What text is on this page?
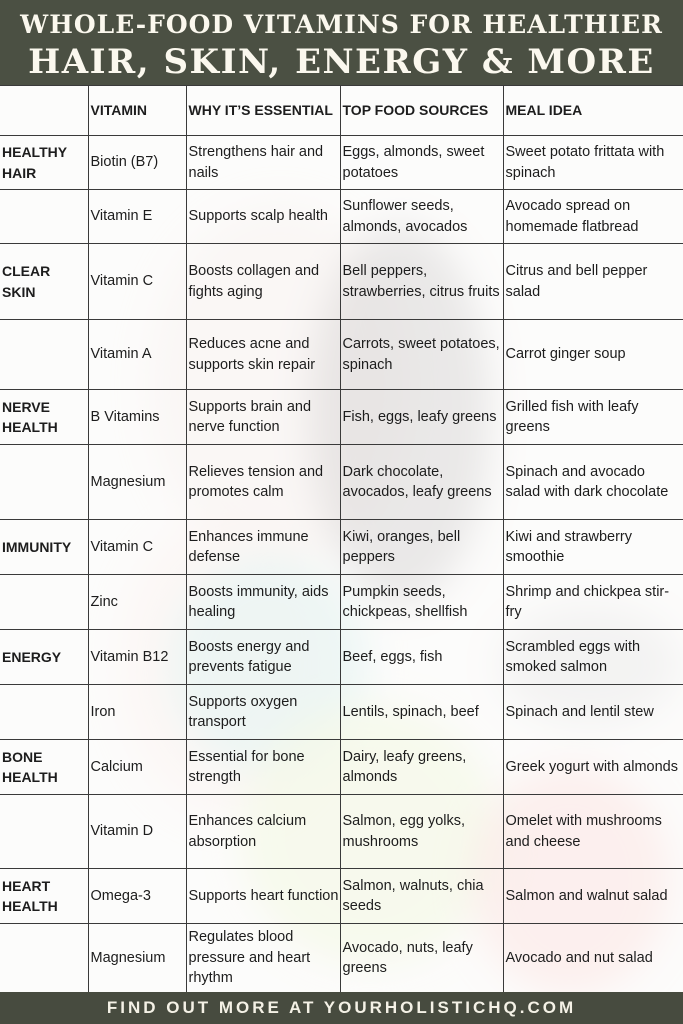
WHOLE-FOOD VITAMINS FOR HEALTHIER
HAIR, SKIN, ENERGY & MORE
	VITAMIN	WHY IT’S ESSENTIAL	TOP FOOD SOURCES	MEAL IDEA
HEALTHY HAIR	Biotin (B7)	Strengthens hair and nails	Eggs, almonds, sweet potatoes	Sweet potato frittata with spinach
	Vitamin E	Supports scalp health	Sunflower seeds, almonds, avocados	Avocado spread on homemade flatbread
CLEAR SKIN	Vitamin C	Boosts collagen and fights aging	Bell peppers, strawberries, citrus fruits	Citrus and bell pepper salad
	Vitamin A	Reduces acne and supports skin repair	Carrots, sweet potatoes, spinach	Carrot ginger soup
NERVE HEALTH	B Vitamins	Supports brain and nerve function	Fish, eggs, leafy greens	Grilled fish with leafy greens
	Magnesium	Relieves tension and promotes calm	Dark chocolate, avocados, leafy greens	Spinach and avocado salad with dark chocolate
IMMUNITY	Vitamin C	Enhances immune defense	Kiwi, oranges, bell peppers	Kiwi and strawberry smoothie
	Zinc	Boosts immunity, aids healing	Pumpkin seeds, chickpeas, shellfish	Shrimp and chickpea stir-fry
ENERGY	Vitamin B12	Boosts energy and prevents fatigue	Beef, eggs, fish	Scrambled eggs with smoked salmon
	Iron	Supports oxygen transport	Lentils, spinach, beef	Spinach and lentil stew
BONE HEALTH	Calcium	Essential for bone strength	Dairy, leafy greens, almonds	Greek yogurt with almonds
	Vitamin D	Enhances calcium absorption	Salmon, egg yolks, mushrooms	Omelet with mushrooms and cheese
HEART HEALTH	Omega-3	Supports heart function	Salmon, walnuts, chia seeds	Salmon and walnut salad
	Magnesium	Regulates blood pressure and heart rhythm	Avocado, nuts, leafy greens	Avocado and nut salad
FIND OUT MORE AT YOURHOLISTICHQ.COM
